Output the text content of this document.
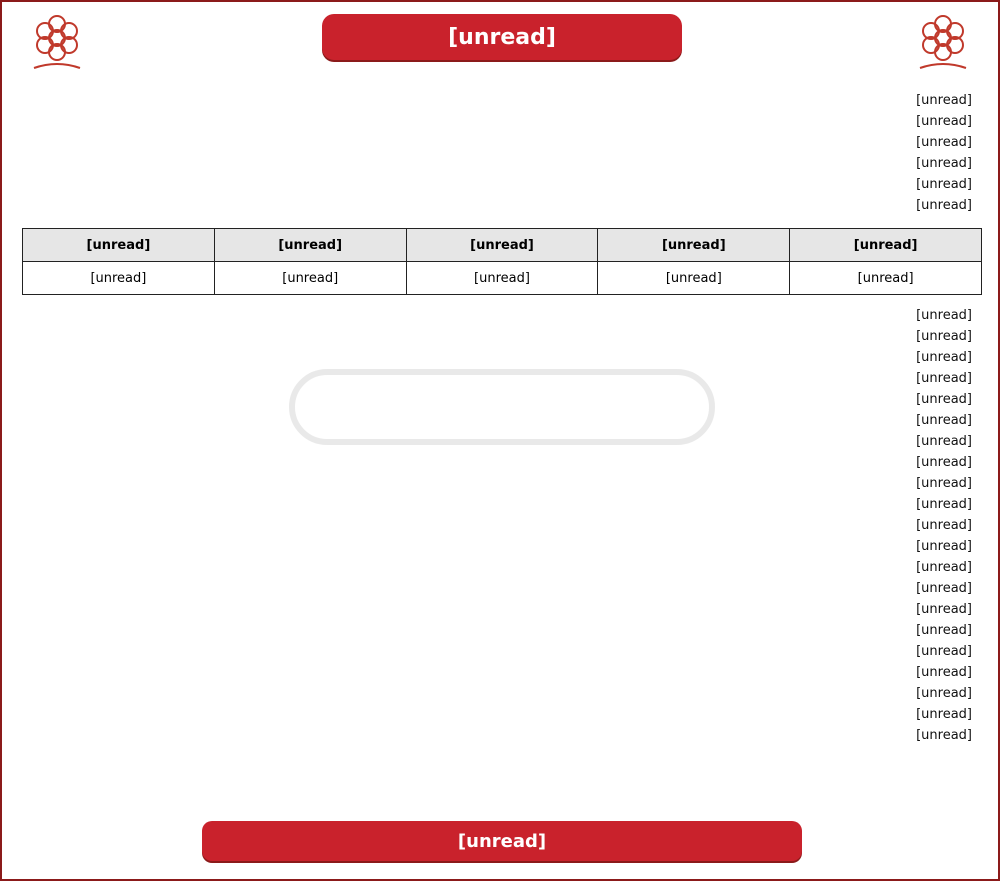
[unread]
[unread]
[unread]
[unread]
[unread]
[unread]
[unread]
[unread]	[unread]	[unread]	[unread]	[unread]
[unread]	[unread]	[unread]	[unread]	[unread]
[unread]
[unread]
[unread]
[unread]
[unread]
[unread]
[unread]
[unread]
[unread]
[unread]
[unread]
[unread]
[unread]
[unread]
[unread]
[unread]
[unread]
[unread]
[unread]
[unread]
[unread]
[unread]
